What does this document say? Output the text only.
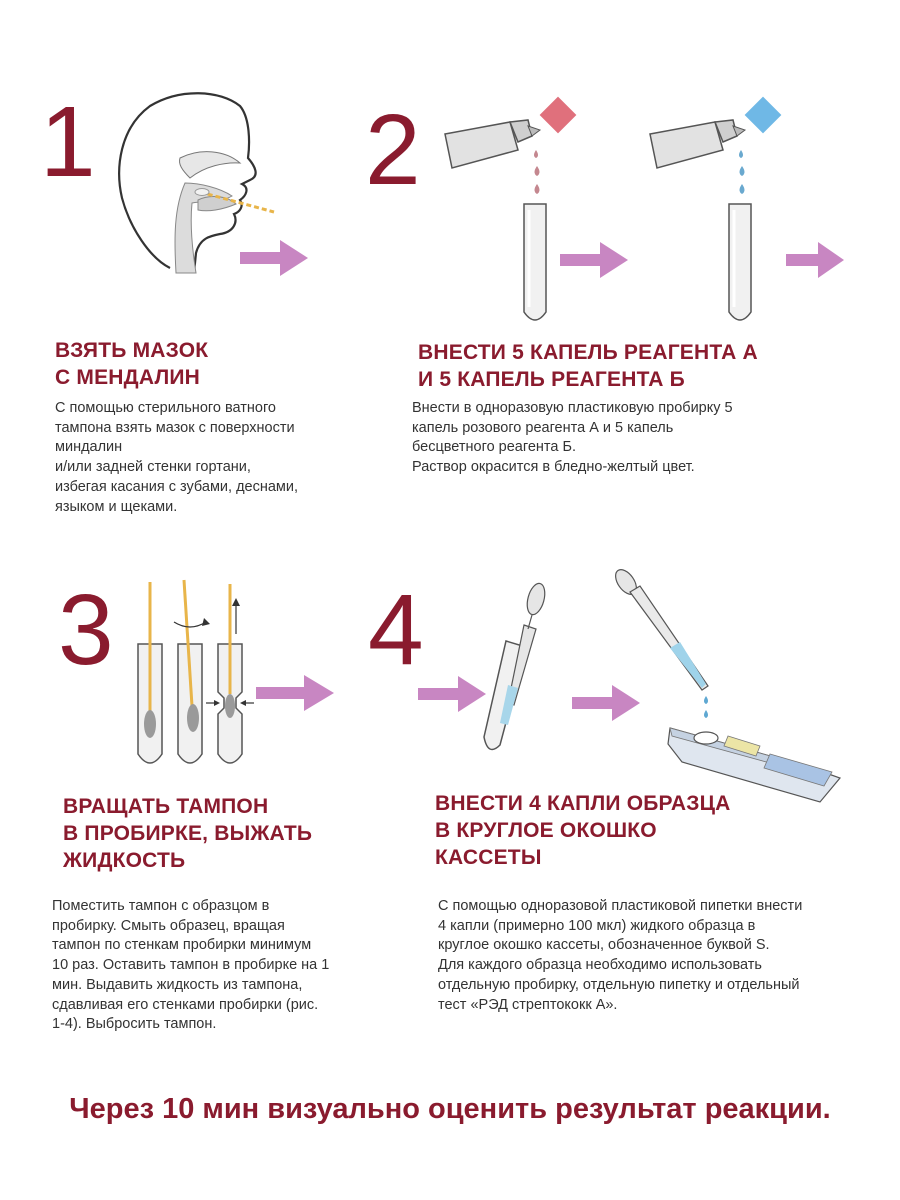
1
ВЗЯТЬ МАЗОК
С МЕНДАЛИН
С помощью стерильного ватного
тампона взять мазок с поверхности
миндалин
и/или задней стенки гортани,
избегая касания с зубами, деснами,
языком и щеками.
2
ВНЕСТИ 5 КАПЕЛЬ РЕАГЕНТА А
И 5 КАПЕЛЬ РЕАГЕНТА Б
Внести в одноразовую пластиковую пробирку 5
капель розового реагента А и 5 капель
бесцветного реагента Б.
Раствор окрасится в бледно-желтый цвет.
3
ВРАЩАТЬ ТАМПОН
В ПРОБИРКЕ, ВЫЖАТЬ
ЖИДКОСТЬ
Поместить тампон с образцом в
пробирку. Смыть образец, вращая
тампон по стенкам пробирки минимум
10 раз. Оставить тампон в пробирке на 1
мин. Выдавить жидкость из тампона,
сдавливая его стенками пробирки (рис.
1-4). Выбросить тампон.
4
ВНЕСТИ 4 КАПЛИ ОБРАЗЦА
В КРУГЛОЕ ОКОШКО
КАССЕТЫ
С помощью одноразовой пластиковой пипетки внести
4 капли (примерно 100 мкл) жидкого образца в
круглое окошко кассеты, обозначенное буквой S.
Для каждого образца необходимо использовать
отдельную пробирку, отдельную пипетку и отдельный
тест «РЭД стрептококк А».
Через 10 мин визуально оценить результат реакции.
